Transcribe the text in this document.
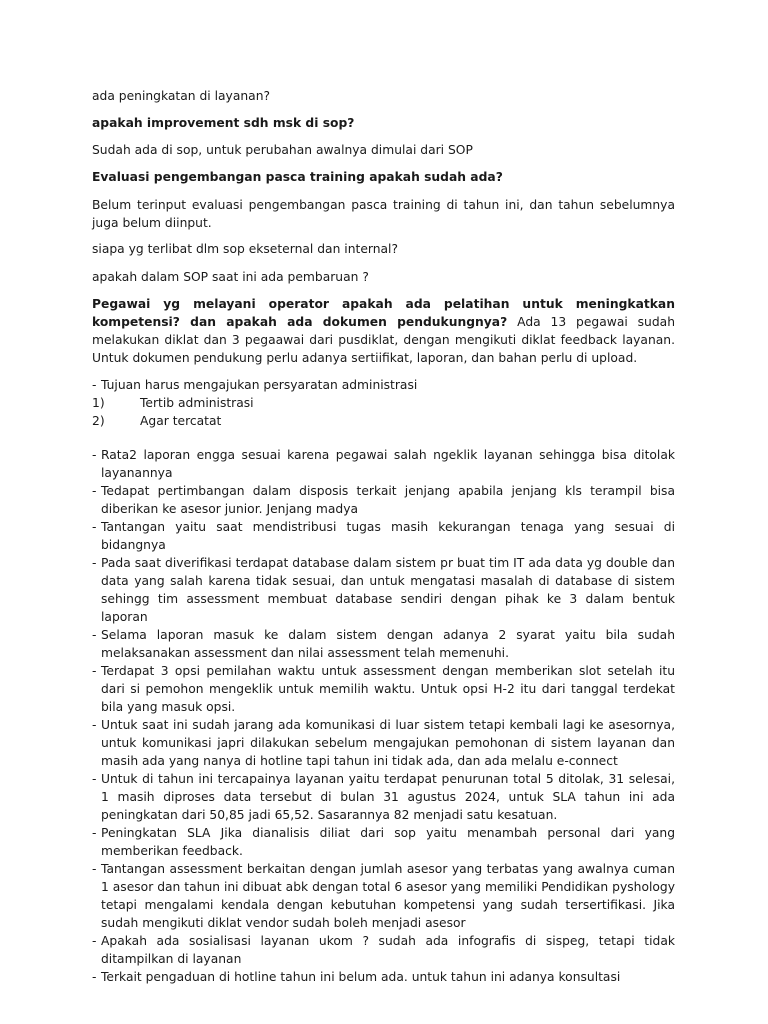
ada peningkatan di layanan?

apakah improvement sdh msk di sop?

Sudah ada di sop, untuk perubahan awalnya dimulai dari SOP

Evaluasi pengembangan pasca training apakah sudah ada?

Belum terinput evaluasi pengembangan pasca training di tahun ini, dan tahun sebelumnya juga belum diinput.

siapa yg terlibat dlm sop ekseternal dan internal?

apakah dalam SOP saat ini ada pembaruan ?

Pegawai yg melayani operator apakah ada pelatihan untuk meningkatkan kompetensi? dan apakah ada dokumen pendukungnya? Ada 13 pegawai sudah melakukan diklat dan 3 pegaawai dari pusdiklat, dengan mengikuti diklat feedback layanan. Untuk dokumen pendukung perlu adanya sertiifikat, laporan, dan bahan perlu di upload.

- Tujuan harus mengajukan persyaratan administrasi
1)	Tertib administrasi
2)	Agar tercatat
- Rata2 laporan engga sesuai karena pegawai salah ngeklik layanan sehingga bisa ditolak layanannya
- Tedapat pertimbangan dalam disposis terkait jenjang apabila jenjang kls terampil bisa diberikan ke asesor junior. Jenjang madya
- Tantangan yaitu saat mendistribusi tugas masih kekurangan tenaga yang sesuai di bidangnya
- Pada saat diverifikasi terdapat database dalam sistem pr buat tim IT ada data yg double dan data yang salah karena tidak sesuai, dan untuk mengatasi masalah di database di sistem sehingg tim assessment membuat database sendiri dengan pihak ke 3 dalam bentuk laporan
- Selama laporan masuk ke dalam sistem dengan adanya 2 syarat yaitu bila sudah melaksanakan assessment dan nilai assessment telah memenuhi.
- Terdapat 3 opsi pemilahan waktu untuk assessment dengan memberikan slot setelah itu dari si pemohon mengeklik untuk memilih waktu. Untuk opsi H-2 itu dari tanggal terdekat bila yang masuk opsi.
- Untuk saat ini sudah jarang ada komunikasi di luar sistem tetapi kembali lagi ke asesornya, untuk komunikasi japri dilakukan sebelum mengajukan pemohonan di sistem layanan dan masih ada yang nanya di hotline tapi tahun ini tidak ada, dan ada melalu e-connect
- Untuk di tahun ini tercapainya layanan yaitu terdapat penurunan total 5 ditolak, 31 selesai, 1 masih diproses data tersebut di bulan 31 agustus 2024, untuk SLA tahun ini ada peningkatan dari 50,85 jadi 65,52. Sasarannya 82 menjadi satu kesatuan.
- Peningkatan SLA Jika dianalisis diliat dari sop yaitu menambah personal dari yang memberikan feedback.
- Tantangan assessment berkaitan dengan jumlah asesor yang terbatas yang awalnya cuman 1 asesor dan tahun ini dibuat abk dengan total 6 asesor yang memiliki Pendidikan pyshology tetapi mengalami kendala dengan kebutuhan kompetensi yang sudah tersertifikasi. Jika sudah mengikuti diklat vendor sudah boleh menjadi asesor
- Apakah ada sosialisasi layanan ukom ? sudah ada infografis di sispeg, tetapi tidak ditampilkan di layanan
- Terkait pengaduan di hotline tahun ini belum ada. untuk tahun ini adanya konsultasi
